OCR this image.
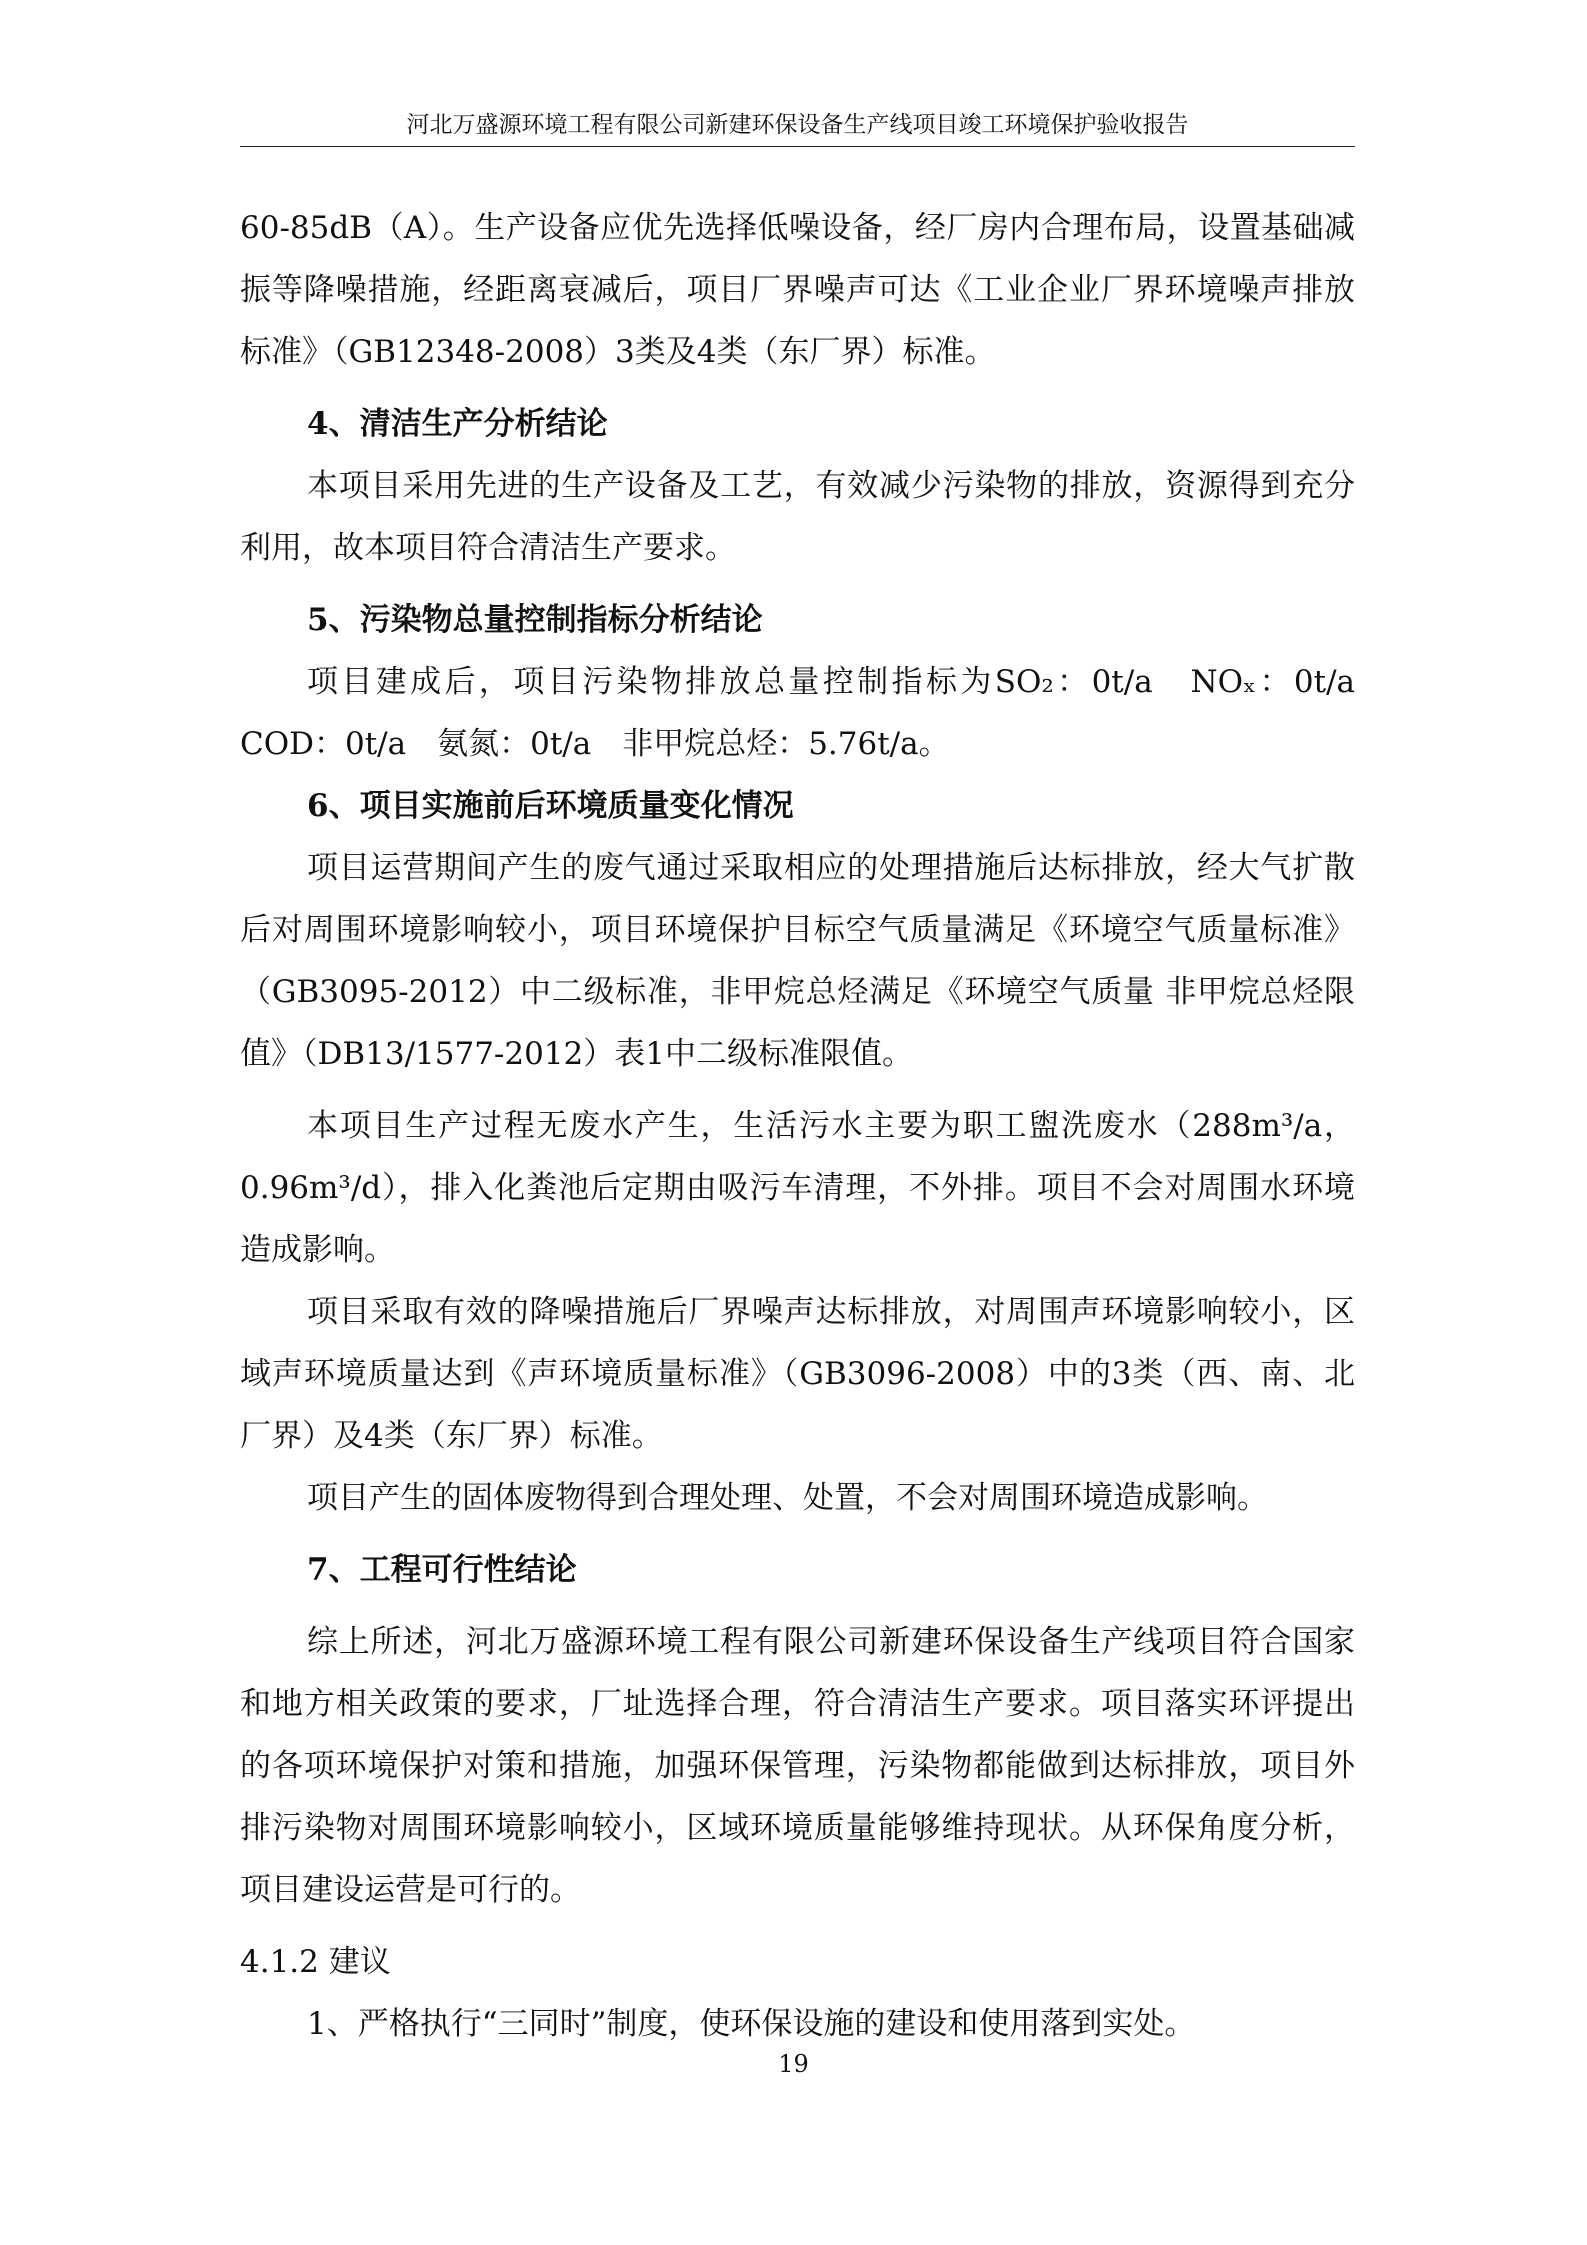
河北万盛源环境工程有限公司新建环保设备生产线项目竣工环境保护验收报告

60-85dB（A）。生产设备应优先选择低噪设备，经厂房内合理布局，设置基础减振等降噪措施，经距离衰减后，项目厂界噪声可达《工业企业厂界环境噪声排放标准》（GB12348-2008）3类及4类（东厂界）标准。

4、清洁生产分析结论

本项目采用先进的生产设备及工艺，有效减少污染物的排放，资源得到充分利用，故本项目符合清洁生产要求。

5、污染物总量控制指标分析结论

项目建成后，项目污染物排放总量控制指标为SO₂：0t/a　NOₓ：0t/a　COD：0t/a　氨氮：0t/a　非甲烷总烃：5.76t/a。

6、项目实施前后环境质量变化情况

项目运营期间产生的废气通过采取相应的处理措施后达标排放，经大气扩散后对周围环境影响较小，项目环境保护目标空气质量满足《环境空气质量标准》（GB3095-2012）中二级标准，非甲烷总烃满足《环境空气质量 非甲烷总烃限值》（DB13/1577-2012）表1中二级标准限值。

本项目生产过程无废水产生，生活污水主要为职工盥洗废水（288m³/a，0.96m³/d），排入化粪池后定期由吸污车清理，不外排。项目不会对周围水环境造成影响。

项目采取有效的降噪措施后厂界噪声达标排放，对周围声环境影响较小，区域声环境质量达到《声环境质量标准》（GB3096-2008）中的3类（西、南、北厂界）及4类（东厂界）标准。

项目产生的固体废物得到合理处理、处置，不会对周围环境造成影响。

7、工程可行性结论

综上所述，河北万盛源环境工程有限公司新建环保设备生产线项目符合国家和地方相关政策的要求，厂址选择合理，符合清洁生产要求。项目落实环评提出的各项环境保护对策和措施，加强环保管理，污染物都能做到达标排放，项目外排污染物对周围环境影响较小，区域环境质量能够维持现状。从环保角度分析，项目建设运营是可行的。

4.1.2 建议

1、严格执行“三同时”制度，使环保设施的建设和使用落到实处。

19
